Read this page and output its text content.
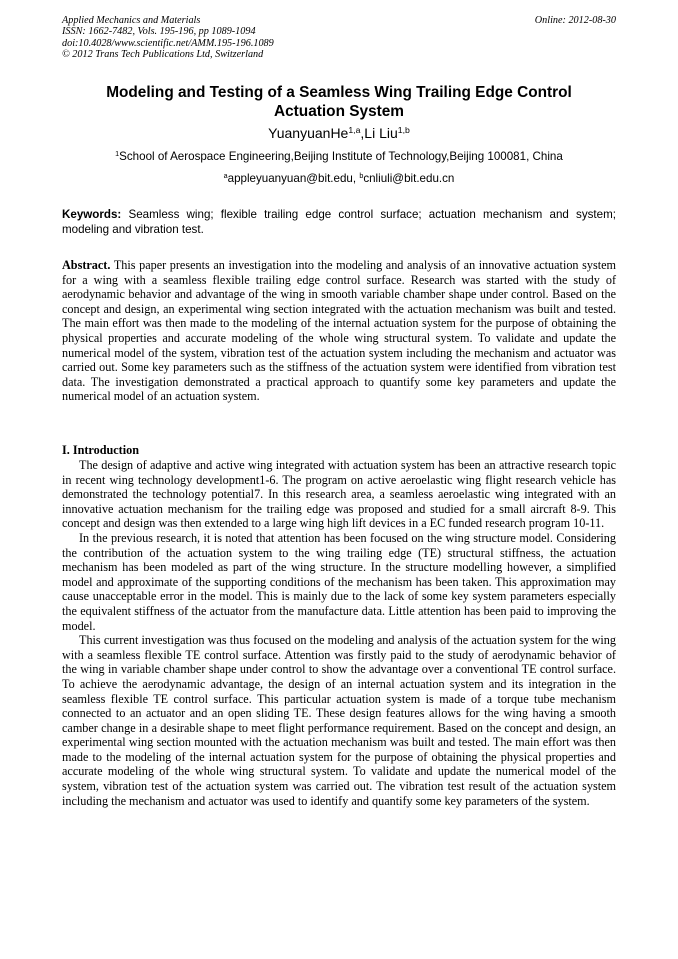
Applied Mechanics and Materials
ISSN: 1662-7482, Vols. 195-196, pp 1089-1094
doi:10.4028/www.scientific.net/AMM.195-196.1089
© 2012 Trans Tech Publications Ltd, Switzerland
Online: 2012-08-30
Modeling and Testing of a Seamless Wing Trailing Edge Control
Actuation System
YuanyuanHe$^{1,a}$,Li Liu$^{1,b}$
$^1$School of Aerospace Engineering,Beijing Institute of Technology,Beijing 100081, China
$^a$appleyuanyuan@bit.edu, $^b$cnliuli@bit.edu.cn
Keywords: Seamless wing; flexible trailing edge control surface; actuation mechanism and system; modeling and vibration test.
Abstract. This paper presents an investigation into the modeling and analysis of an innovative actuation system for a wing with a seamless flexible trailing edge control surface. Research was started with the study of aerodynamic behavior and advantage of the wing in smooth variable chamber shape under control. Based on the concept and design, an experimental wing section integrated with the actuation mechanism was built and tested. The main effort was then made to the modeling of the internal actuation system for the purpose of obtaining the physical properties and accurate modeling of the whole wing structural system. To validate and update the numerical model of the system, vibration test of the actuation system including the mechanism and actuator was carried out. Some key parameters such as the stiffness of the actuation system were identified from vibration test data. The investigation demonstrated a practical approach to quantify some key parameters and update the numerical model of an actuation system.
I. Introduction

The design of adaptive and active wing integrated with actuation system has been an attractive research topic in recent wing technology development1-6. The program on active aeroelastic wing flight research vehicle has demonstrated the technology potential7. In this research area, a seamless aeroelastic wing integrated with an innovative actuation mechanism for the trailing edge was proposed and studied for a small aircraft 8-9. This concept and design was then extended to a large wing high lift devices in a EC funded research program 10-11.

In the previous research, it is noted that attention has been focused on the wing structure model. Considering the contribution of the actuation system to the wing trailing edge (TE) structural stiffness, the actuation mechanism has been modeled as part of the wing structure. In the structure modelling however, a simplified model and approximate of the supporting conditions of the mechanism has been taken. This approximation may cause unacceptable error in the model. This is mainly due to the lack of some key system parameters especially the equivalent stiffness of the actuator from the manufacture data. Little attention has been paid to improving the model.

This current investigation was thus focused on the modeling and analysis of the actuation system for the wing with a seamless flexible TE control surface. Attention was firstly paid to the study of aerodynamic behavior of the wing in variable chamber shape under control to show the advantage over a conventional TE control surface. To achieve the aerodynamic advantage, the design of an internal actuation system and its integration in the seamless flexible TE control surface. This particular actuation system is made of a torque tube mechanism connected to an actuator and an open sliding TE. These design features allows for the wing having a smooth camber change in a desirable shape to meet flight performance requirement. Based on the concept and design, an experimental wing section mounted with the actuation mechanism was built and tested. The main effort was then made to the modeling of the internal actuation system for the purpose of obtaining the physical properties and accurate modeling of the whole wing structural system. To validate and update the numerical model of the system, vibration test of the actuation system was carried out. The vibration test result of the actuation system including the mechanism and actuator was used to identify and quantify some key parameters of the system.
